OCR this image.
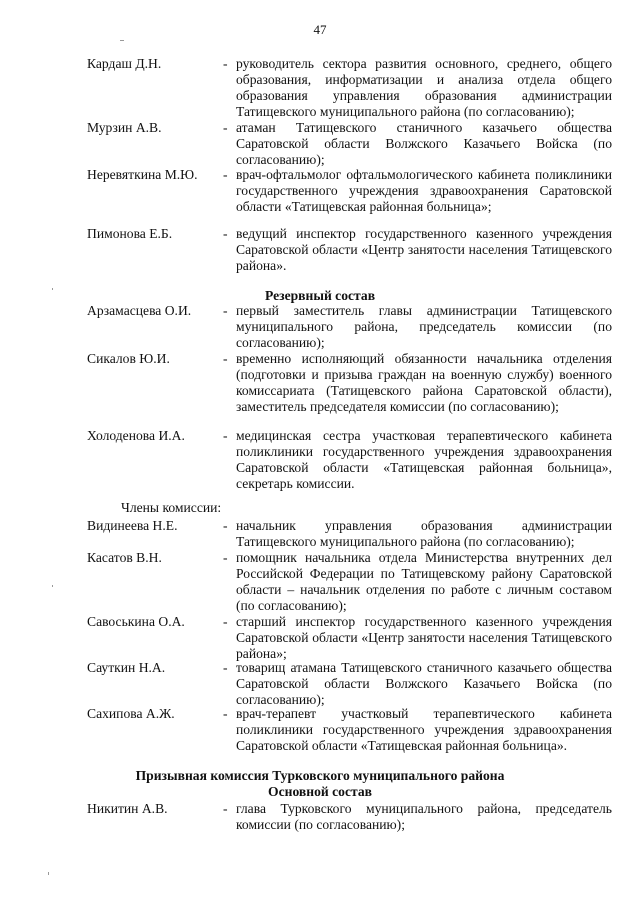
47
Кардаш Д.Н.	- руководитель сектора развития основного, среднего, общего образования, информатизации и анализа отдела общего образования управления образования администрации Татищевского муниципального района (по согласованию);
Мурзин А.В.	- атаман Татищевского станичного казачьего общества Саратовской области Волжского Казачьего Войска (по согласованию);
Неревяткина М.Ю. - врач-офтальмолог офтальмологического кабинета поликлиники государственного учреждения здравоохранения Саратовской области «Татищевская районная больница»;
Пимонова Е.Б.	- ведущий инспектор государственного казенного учреждения Саратовской области «Центр занятости населения Татищевского района».
Резервный состав
Арзамасцева О.И. - первый заместитель главы администрации Татищевского муниципального района, председатель комиссии (по согласованию);
Сикалов Ю.И.	- временно исполняющий обязанности начальника отделения (подготовки и призыва граждан на военную службу) военного комиссариата (Татищевского района Саратовской области), заместитель председателя комиссии (по согласованию);
Холоденова И.А.	- медицинская сестра участковая терапевтического кабинета поликлиники государственного учреждения здравоохранения Саратовской области «Татищевская районная больница», секретарь комиссии.
Члены комиссии:
Видинеева Н.Е.	- начальник управления образования администрации Татищевского муниципального района (по согласованию);
Касатов В.Н.	- помощник начальника отдела Министерства внутренних дел Российской Федерации по Татищевскому району Саратовской области – начальник отделения по работе с личным составом (по согласованию);
Савоськина О.А.	- старший инспектор государственного казенного учреждения Саратовской области «Центр занятости населения Татищевского района»;
Сауткин Н.А.	- товарищ атамана Татищевского станичного казачьего общества Саратовской области Волжского Казачьего Войска (по согласованию);
Сахипова А.Ж.	- врач-терапевт участковый терапевтического кабинета поликлиники государственного учреждения здравоохранения Саратовской области «Татищевская районная больница».
Призывная комиссия Турковского муниципального района
Основной состав
Никитин А.В.	- глава Турковского муниципального района, председатель комиссии (по согласованию);
